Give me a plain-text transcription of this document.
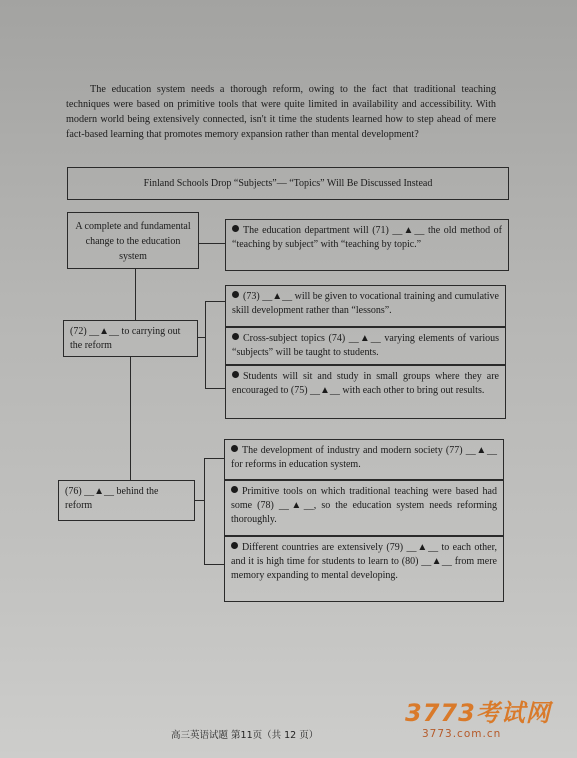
The education system needs a thorough reform, owing to the fact that traditional teaching techniques were based on primitive tools that were quite limited in availability and accessibility. With modern world being extensively connected, isn't it time the students learned how to step ahead of mere fact-based learning that promotes memory expansion rather than mental development?

Finland Schools Drop “Subjects”— “Topics” Will Be Discussed Instead
A complete and fundamental change to the education system
(72) __▲__ to carrying out the reform
(76) __▲__ behind the reform
The education department will (71) __▲__ the old method of “teaching by subject” with “teaching by topic.”
(73) __▲__ will be given to vocational training and cumulative skill development rather than “lessons”.
Cross-subject topics (74) __▲__ varying elements of various “subjects” will be taught to students.
Students will sit and study in small groups where they are encouraged to (75) __▲__ with each other to bring out results.
The development of industry and modern society (77) __▲__ for reforms in education system.
Primitive tools on which traditional teaching were based had some (78) __▲__, so the education system needs reforming thoroughly.
Different countries are extensively (79) __▲__ to each other, and it is high time for students to learn to (80) __▲__ from mere memory expanding to mental developing.
高三英语试题 第11页（共 12 页）
3773考试网
3773.com.cn
